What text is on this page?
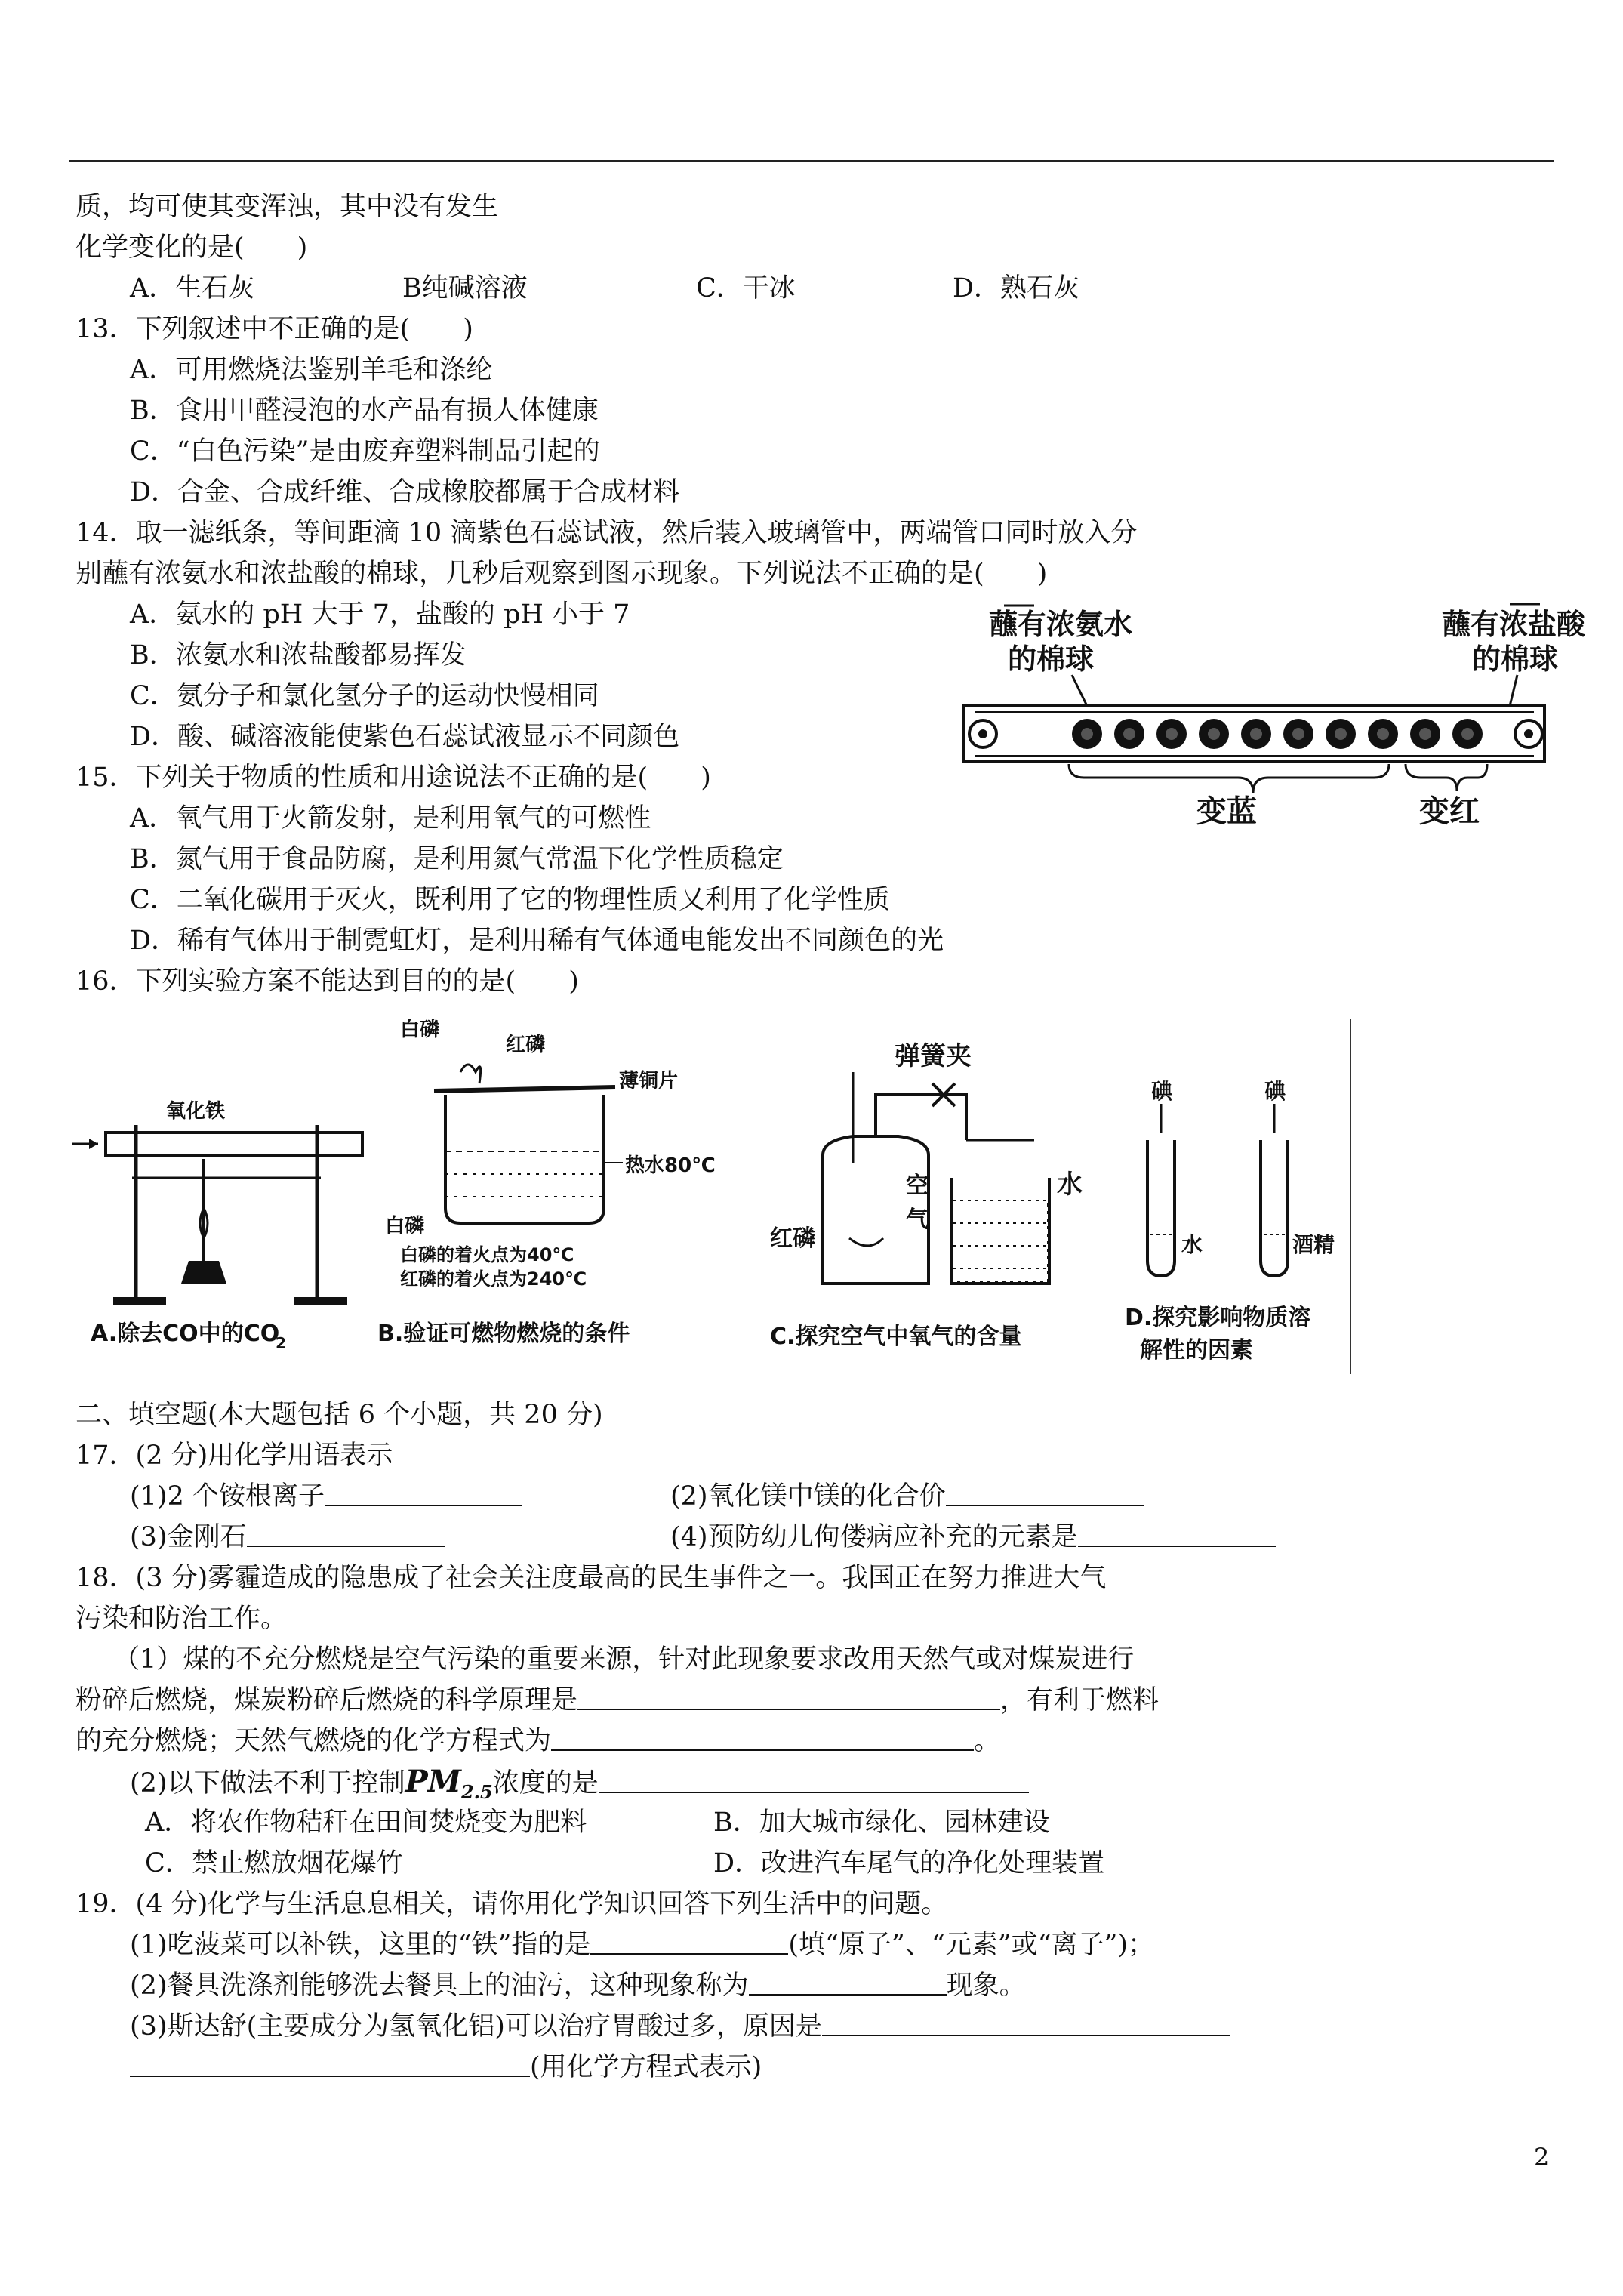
质，均可使其变浑浊，其中没有发生
化学变化的是(　　)
A．生石灰	B纯碱溶液	C．干冰	D．熟石灰
13．下列叙述中不正确的是(　　)
A．可用燃烧法鉴别羊毛和涤纶
B．食用甲醛浸泡的水产品有损人体健康
C．“白色污染”是由废弃塑料制品引起的
D．合金、合成纤维、合成橡胶都属于合成材料
14．取一滤纸条，等间距滴 10 滴紫色石蕊试液，然后装入玻璃管中，两端管口同时放入分
别蘸有浓氨水和浓盐酸的棉球，几秒后观察到图示现象。下列说法不正确的是(　　)
A．氨水的 pH 大于 7，盐酸的 pH 小于 7
B．浓氨水和浓盐酸都易挥发
C．氨分子和氯化氢分子的运动快慢相同
D．酸、碱溶液能使紫色石蕊试液显示不同颜色
蘸有浓氨水
的棉球
蘸有浓盐酸
的棉球
变蓝	变红
15．下列关于物质的性质和用途说法不正确的是(　　)
A．氧气用于火箭发射，是利用氧气的可燃性
B．氮气用于食品防腐，是利用氮气常温下化学性质稳定
C．二氧化碳用于灭火，既利用了它的物理性质又利用了化学性质
D．稀有气体用于制霓虹灯，是利用稀有气体通电能发出不同颜色的光
16．下列实验方案不能达到目的的是(　　)
氧化铁
A.除去CO中的CO
2
白磷
红磷
薄铜片
热水80℃
白磷
白磷的着火点为40℃
红磷的着火点为240℃
B.验证可燃物燃烧的条件
弹簧夹
空
气
红磷
水
C.探究空气中氧气的含量
碘	碘
水	酒精
D.探究影响物质溶
解性的因素
二、填空题(本大题包括 6 个小题，共 20 分)
17．(2 分)用化学用语表示
(1)2 个铵根离子	(2)氧化镁中镁的化合价
(3)金刚石	(4)预防幼儿佝偻病应补充的元素是
18．(3 分)雾霾造成的隐患成了社会关注度最高的民生事件之一。我国正在努力推进大气
污染和防治工作。
（1）煤的不充分燃烧是空气污染的重要来源，针对此现象要求改用天然气或对煤炭进行
粉碎后燃烧，煤炭粉碎后燃烧的科学原理是	，有利于燃料
的充分燃烧；天然气燃烧的化学方程式为	。
(2)以下做法不利于控制$PM_{2.5}$浓度的是
A．将农作物秸秆在田间焚烧变为肥料	B．加大城市绿化、园林建设
C．禁止燃放烟花爆竹	D．改进汽车尾气的净化处理装置
19．(4 分)化学与生活息息相关，请你用化学知识回答下列生活中的问题。
(1)吃菠菜可以补铁，这里的“铁”指的是	(填“原子”、“元素”或“离子”)；
(2)餐具洗涤剂能够洗去餐具上的油污，这种现象称为	现象。
(3)斯达舒(主要成分为氢氧化铝)可以治疗胃酸过多，原因是
(用化学方程式表示)
2
